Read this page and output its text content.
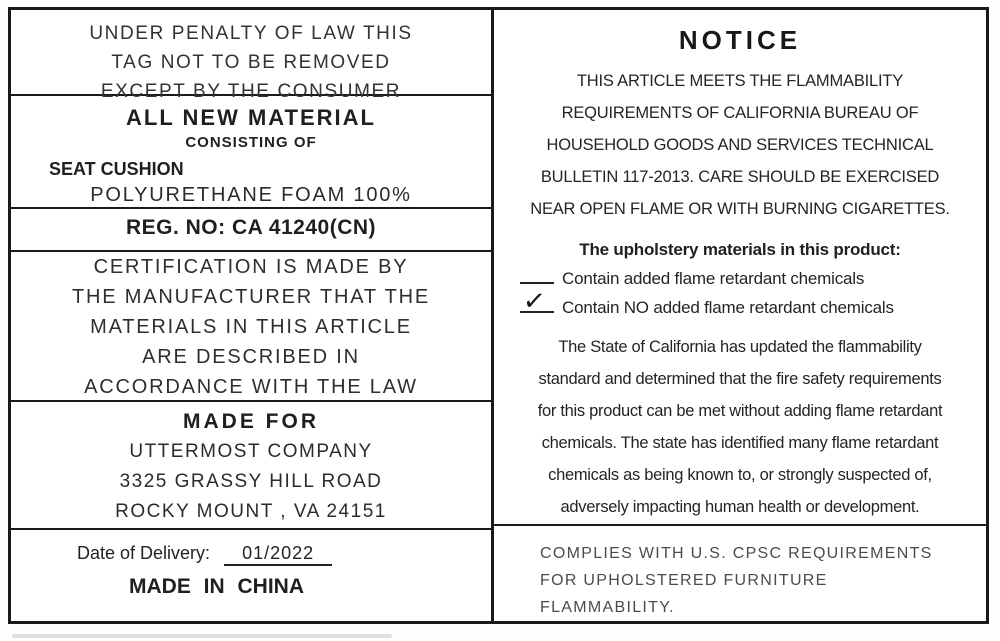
UNDER PENALTY OF LAW THIS
TAG NOT TO BE REMOVED
EXCEPT BY THE CONSUMER
ALL NEW MATERIAL
CONSISTING OF
SEAT CUSHION
POLYURETHANE FOAM 100%
REG. NO: CA 41240(CN)
CERTIFICATION IS MADE BY
THE MANUFACTURER THAT THE
MATERIALS IN THIS ARTICLE
ARE DESCRIBED IN
ACCORDANCE WITH THE LAW
MADE FOR
UTTERMOST COMPANY
3325 GRASSY HILL ROAD
ROCKY MOUNT , VA 24151
Date of Delivery: 01/2022
MADE IN CHINA
NOTICE
THIS ARTICLE MEETS THE FLAMMABILITY
REQUIREMENTS OF CALIFORNIA BUREAU OF
HOUSEHOLD GOODS AND SERVICES TECHNICAL
BULLETIN 117-2013. CARE SHOULD BE EXERCISED
NEAR OPEN FLAME OR WITH BURNING CIGARETTES.
The upholstery materials in this product:
Contain added flame retardant chemicals
✓ Contain NO added flame retardant chemicals
The State of California has updated the flammability
standard and determined that the fire safety requirements
for this product can be met without adding flame retardant
chemicals. The state has identified many flame retardant
chemicals as being known to, or strongly suspected of,
adversely impacting human health or development.
COMPLIES WITH U.S. CPSC REQUIREMENTS
FOR UPHOLSTERED FURNITURE
FLAMMABILITY.
